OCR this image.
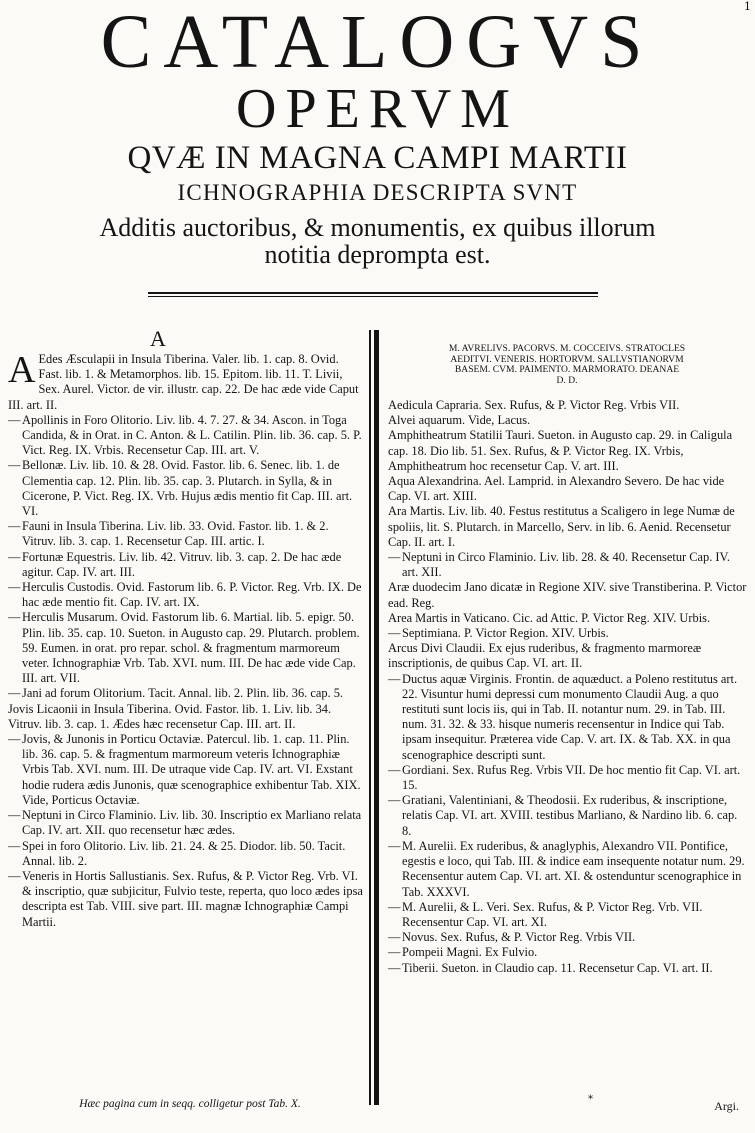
1
CATALOGVS
OPERVM
QVÆ IN MAGNA CAMPI MARTII
ICHNOGRAPHIA DESCRIPTA SVNT
Additis auctoribus, & monumentis, ex quibus illorum notitia deprompta est.
A	M. AVRELIVS. PACORVS. M. COCCEIVS. STRATOCLES
AEDITVI. VENERIS. HORTORVM. SALLVSTIANORVM
BASEM. CVM. PAIMENTO. MARMORATO. DEANAE
D. D.

A Edes Æsculapii in Insula Tiberina. Valer. lib. 1. cap. 8. Ovid. Fast. lib. 1. & Metamorphos. lib. 15. Epitom. lib. 11. T. Livii, Sex. Aurel. Victor. de vir. illustr. cap. 22. De hac æde vide Caput III. art. II.

— Apollinis in Foro Olitorio. Liv. lib. 4. 7. 27. & 34. Ascon. in Toga Candida, & in Orat. in C. Anton. & L. Catilin. Plin. lib. 36. cap. 5. P. Vict. Reg. IX. Vrbis. Recensetur Cap. III. art. V.

— Bellonæ. Liv. lib. 10. & 28. Ovid. Fastor. lib. 6. Senec. lib. 1. de Clementia cap. 12. Plin. lib. 35. cap. 3. Plutarch. in Sylla, & in Cicerone, P. Vict. Reg. IX. Vrb. Hujus ædis mentio fit Cap. III. art. VI.

— Fauni in Insula Tiberina. Liv. lib. 33. Ovid. Fastor. lib. 1. & 2. Vitruv. lib. 3. cap. 1. Recensetur Cap. III. artic. I.

— Fortunæ Equestris. Liv. lib. 42. Vitruv. lib. 3. cap. 2. De hac æde agitur. Cap. IV. art. III.

— Herculis Custodis. Ovid. Fastorum lib. 6. P. Victor. Reg. Vrb. IX. De hac æde mentio fit. Cap. IV. art. IX.

— Herculis Musarum. Ovid. Fastorum lib. 6. Martial. lib. 5. epigr. 50. Plin. lib. 35. cap. 10. Sueton. in Augusto cap. 29. Plutarch. problem. 59. Eumen. in orat. pro repar. schol. & fragmentum marmoreum veter. Ichnographiæ Vrb. Tab. XVI. num. III. De hac æde vide Cap. III. art. VII.

— Jani ad forum Olitorium. Tacit. Annal. lib. 2. Plin. lib. 36. cap. 5.

Jovis Licaonii in Insula Tiberina. Ovid. Fastor. lib. 1. Liv. lib. 34. Vitruv. lib. 3. cap. 1. Ædes hæc recensetur Cap. III. art. II.

— Jovis, & Junonis in Porticu Octaviæ. Patercul. lib. 1. cap. 11. Plin. lib. 36. cap. 5. & fragmentum marmoreum veteris Ichnographiæ Vrbis Tab. XVI. num. III. De utraque vide Cap. IV. art. VI. Exstant hodie rudera ædis Junonis, quæ scenographice exhibentur Tab. XIX. Vide, Porticus Octaviæ.

— Neptuni in Circo Flaminio. Liv. lib. 30. Inscriptio ex Marliano relata Cap. IV. art. XII. quo recensetur hæc ædes.

— Spei in foro Olitorio. Liv. lib. 21. 24. & 25. Diodor. lib. 50. Tacit. Annal. lib. 2.

— Veneris in Hortis Sallustianis. Sex. Rufus, & P. Victor Reg. Vrb. VI. & inscriptio, quæ subjicitur, Fulvio teste, reperta, quo loco ædes ipsa descripta est Tab. VIII. sive part. III. magnæ Ichnographiæ Campi Martii.

Aedicula Capraria. Sex. Rufus, & P. Victor Reg. Vrbis VII.

Alvei aquarum. Vide, Lacus.

Amphitheatrum Statilii Tauri. Sueton. in Augusto cap. 29. in Caligula cap. 18. Dio lib. 51. Sex. Rufus, & P. Victor Reg. IX. Vrbis, Amphitheatrum hoc recensetur Cap. V. art. III.

Aqua Alexandrina. Ael. Lamprid. in Alexandro Severo. De hac vide Cap. VI. art. XIII.

Ara Martis. Liv. lib. 40. Festus restitutus a Scaligero in lege Numæ de spoliis, lit. S. Plutarch. in Marcello, Serv. in lib. 6. Aenid. Recensetur Cap. II. art. I.

— Neptuni in Circo Flaminio. Liv. lib. 28. & 40. Recensetur Cap. IV. art. XII.

Aræ duodecim Jano dicatæ in Regione XIV. sive Transtiberina. P. Victor ead. Reg.

Area Martis in Vaticano. Cic. ad Attic. P. Victor Reg. XIV. Urbis.

— Septimiana. P. Victor Region. XIV. Urbis.

Arcus Divi Claudii. Ex ejus ruderibus, & fragmento marmoreæ inscriptionis, de quibus Cap. VI. art. II.

— Ductus aquæ Virginis. Frontin. de aquæduct. a Poleno restitutus art. 22. Visuntur humi depressi cum monumento Claudii Aug. a quo restituti sunt locis iis, qui in Tab. II. notantur num. 29. in Tab. III. num. 31. 32. & 33. hisque numeris recensentur in Indice qui Tab. ipsam insequitur. Præterea vide Cap. V. art. IX. & Tab. XX. in qua scenographice descripti sunt.

— Gordiani. Sex. Rufus Reg. Vrbis VII. De hoc mentio fit Cap. VI. art. 15.

— Gratiani, Valentiniani, & Theodosii. Ex ruderibus, & inscriptione, relatis Cap. VI. art. XVIII. testibus Marliano, & Nardino lib. 6. cap. 8.

— M. Aurelii. Ex ruderibus, & anaglyphis, Alexandro VII. Pontifice, egestis e loco, qui Tab. III. & indice eam insequente notatur num. 29. Recensentur autem Cap. VI. art. XI. & ostenduntur scenographice in Tab. XXXVI.

— M. Aurelii, & L. Veri. Sex. Rufus, & P. Victor Reg. Vrb. VII. Recensentur Cap. VI. art. XI.

— Novus. Sex. Rufus, & P. Victor Reg. Vrbis VII.

— Pompeii Magni. Ex Fulvio.

— Tiberii. Sueton. in Claudio cap. 11. Recensetur Cap. VI. art. II.

Hæc pagina cum in seqq. colligetur post Tab. X.	*	Argi.
